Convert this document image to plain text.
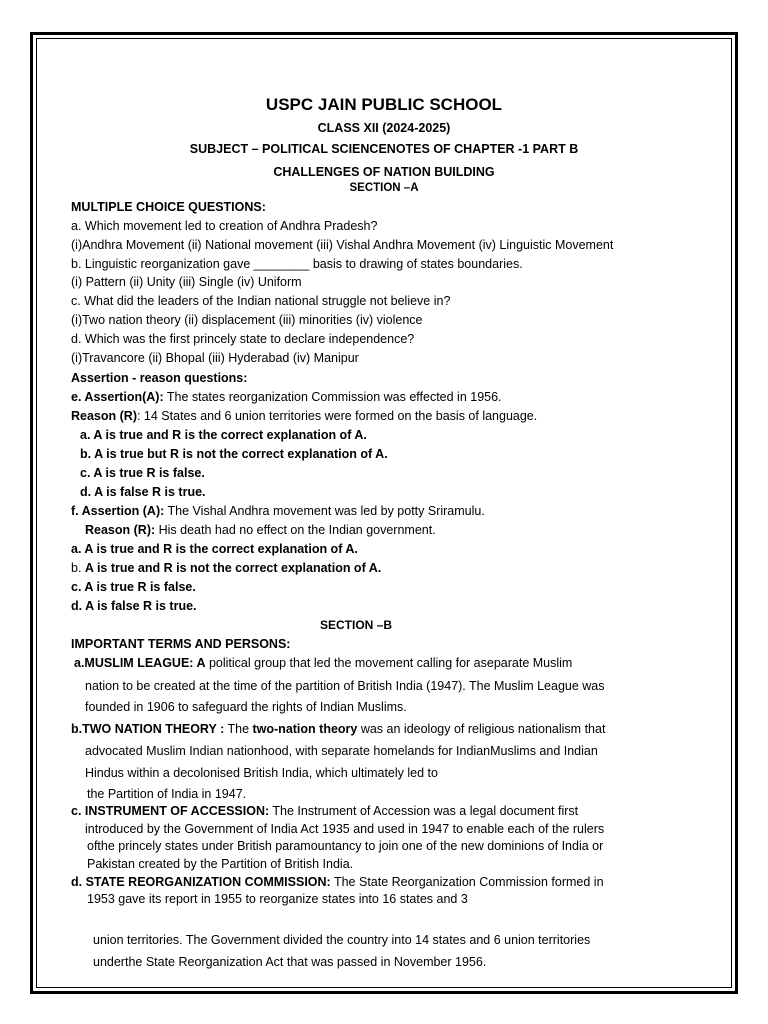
USPC JAIN PUBLIC SCHOOL
CLASS XII (2024-2025)
SUBJECT – POLITICAL SCIENCENOTES OF CHAPTER -1 PART B
CHALLENGES OF NATION BUILDING
SECTION –A
MULTIPLE CHOICE QUESTIONS:
a. Which movement led to creation of Andhra Pradesh?
(i)Andhra Movement (ii) National movement (iii) Vishal Andhra Movement (iv) Linguistic Movement
b. Linguistic reorganization gave ________ basis to drawing of states boundaries.
(i) Pattern (ii) Unity (iii) Single (iv) Uniform
c. What did the leaders of the Indian national struggle not believe in?
(i)Two nation theory (ii) displacement (iii) minorities (iv) violence
d. Which was the first princely state to declare independence?
(i)Travancore (ii) Bhopal (iii) Hyderabad (iv) Manipur
Assertion - reason questions:
e. Assertion(A): The states reorganization Commission was effected in 1956.
Reason (R): 14 States and 6 union territories were formed on the basis of language.
a. A is true and R is the correct explanation of A.
b. A is true but R is not the correct explanation of A.
c. A is true R is false.
d. A is false R is true.
f. Assertion (A): The Vishal Andhra movement was led by potty Sriramulu.
Reason (R): His death had no effect on the Indian government.
a. A is true and R is the correct explanation of A.
b. A is true and R is not the correct explanation of A.
c. A is true R is false.
d. A is false R is true.
SECTION –B
IMPORTANT TERMS AND PERSONS:
a.MUSLIM LEAGUE: A political group that led the movement calling for aseparate Muslim
nation to be created at the time of the partition of British India (1947). The Muslim League was
founded in 1906 to safeguard the rights of Indian Muslims.
b.TWO NATION THEORY : The two-nation theory was an ideology of religious nationalism that
advocated Muslim Indian nationhood, with separate homelands for IndianMuslims and Indian
Hindus within a decolonised British India, which ultimately led to
the Partition of India in 1947.
c. INSTRUMENT OF ACCESSION: The Instrument of Accession was a legal document first
introduced by the Government of India Act 1935 and used in 1947 to enable each of the rulers
ofthe princely states under British paramountancy to join one of the new dominions of India or
Pakistan created by the Partition of British India.
d. STATE REORGANIZATION COMMISSION: The State Reorganization Commission formed in
1953 gave its report in 1955 to reorganize states into 16 states and 3
union territories. The Government divided the country into 14 states and 6 union territories
underthe State Reorganization Act that was passed in November 1956.
